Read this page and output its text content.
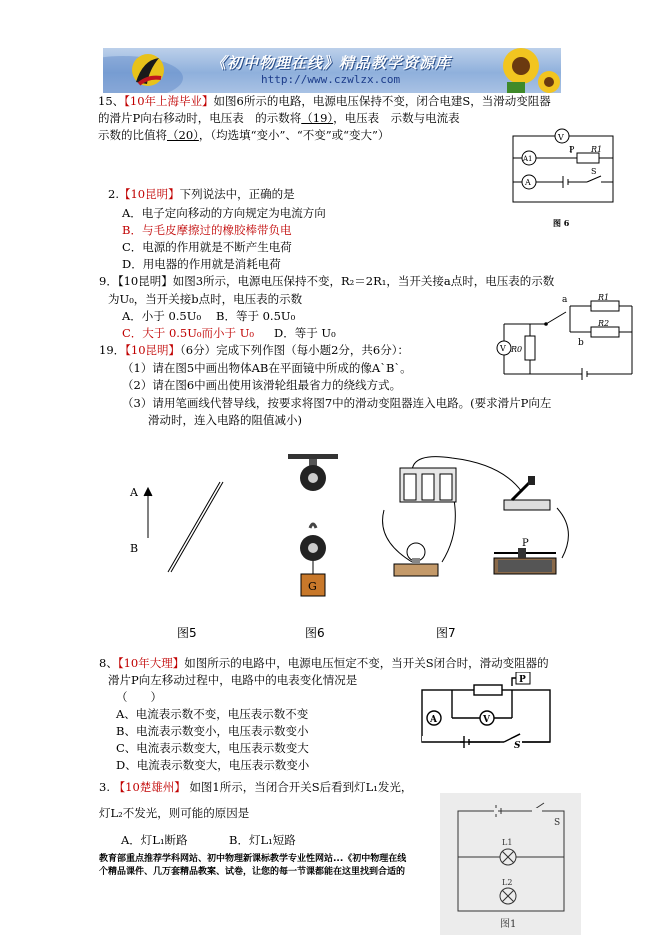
《初中物理在线》精品教学资源库
http://www.czwlzx.com
15、【10年上海毕业】如图6所示的电路，电源电压保持不变，闭合电建S，当滑动变阻器
的滑片P向右移动时，电压表　的示数将（19），电压表　示数与电流表
示数的比值将（20），（均选填“变小”、“不变”或“变大”）	V
A1
P R1
A
S
图 6
2.【10昆明】下列说法中，正确的是
A．电子定向移动的方向规定为电流方向
B．与毛皮摩擦过的橡胶棒带负电
C．电源的作用就是不断产生电荷
D．用电器的作用就是消耗电荷
9．【10昆明】如图3所示，电源电压保持不变，R₂＝2R₁，当开关接a点时，电压表的示数
为U₀，当开关接b点时，电压表的示数
A．小于 0.5U₀ B．等于 0.5U₀
C．大于 0.5U₀而小于 U₀ D．等于 U₀
a
b
R1
R2
R0
V
19．【10昆明】（6分）完成下列作图（每小题2分，共6分）：
（1）请在图5中画出物体AB在平面镜中所成的像A`B`。
（2）请在图6中画出使用该滑轮组最省力的绕线方式。
（3）请用笔画线代替导线，按要求将图7中的滑动变阻器连入电路。(要求滑片P向左
滑动时，连入电路的阻值减小)
A
B
图5
G
图6
P
图7
8、【10年大理】如图所示的电路中，电源电压恒定不变，当开关S闭合时，滑动变阻器的
滑片P向左移动过程中，电路中的电表变化情况是
（　　）
A、电流表示数不变，电压表示数不变
B、电流表示数变小，电压表示数变小
C、电流表示数变大，电压表示数变大
D、电流表示数变大，电压表示数变小
P
A	V
S
3. 【10楚雄州】 如图1所示，当闭合开关S后看到灯L₁发光，
灯L₂不发光，则可能的原因是
A．灯L₁断路	B．灯L₁短路
S
L1
L2
图1
教育部重点推荐学科网站、初中物理新课标教学专业性网站...《初中物理在线
个精品课件、几万套精品教案、试卷，让您的每一节课都能在这里找到合适的
